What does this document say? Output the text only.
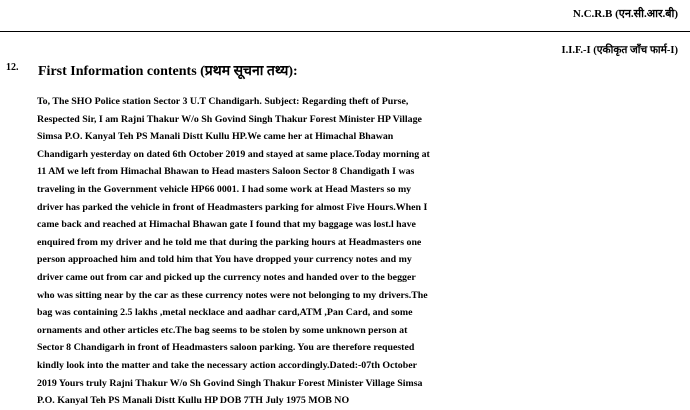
N.C.R.B (एन.सी.आर.बी)
I.I.F.-I (एकीकृत जाँच फार्म-I)
12. First Information contents (प्रथम सूचना तथ्य):
To, The SHO Police station Sector 3 U.T Chandigarh. Subject: Regarding theft of Purse,
Respected Sir, I am Rajni Thakur W/o Sh Govind Singh Thakur Forest Minister HP Village
Simsa P.O. Kanyal Teh PS Manali Distt Kullu HP.We came her at Himachal Bhawan
Chandigarh yesterday on dated 6th October 2019 and stayed at same place.Today morning at
11 AM we left from Himachal Bhawan to Head masters Saloon Sector 8 Chandigath I was
traveling in the Government vehicle HP66 0001. I had some work at Head Masters so my
driver has parked the vehicle in front of Headmasters parking for almost Five Hours.When I
came back and reached at Himachal Bhawan gate I found that my baggage was lost.l have
enquired from my driver and he told me that during the parking hours at Headmasters one
person approached him and told him that You have dropped your currency notes and my
driver came out from car and picked up the currency notes and handed over to the begger
who was sitting near by the car as these currency notes were not belonging to my drivers.The
bag was containing 2.5 lakhs ,metal necklace and aadhar card,ATM ,Pan Card, and some
ornaments and other articles etc.The bag seems to be stolen by some unknown person at
Sector 8 Chandigarh in front of Headmasters saloon parking. You are therefore requested
kindly look into the matter and take the necessary action accordingly.Dated:-07th October
2019 Yours truly Rajni Thakur W/o Sh Govind Singh Thakur Forest Minister Village Simsa
P.O. Kanyal Teh PS Manali Distt Kullu HP DOB 7TH July 1975 MOB NO
